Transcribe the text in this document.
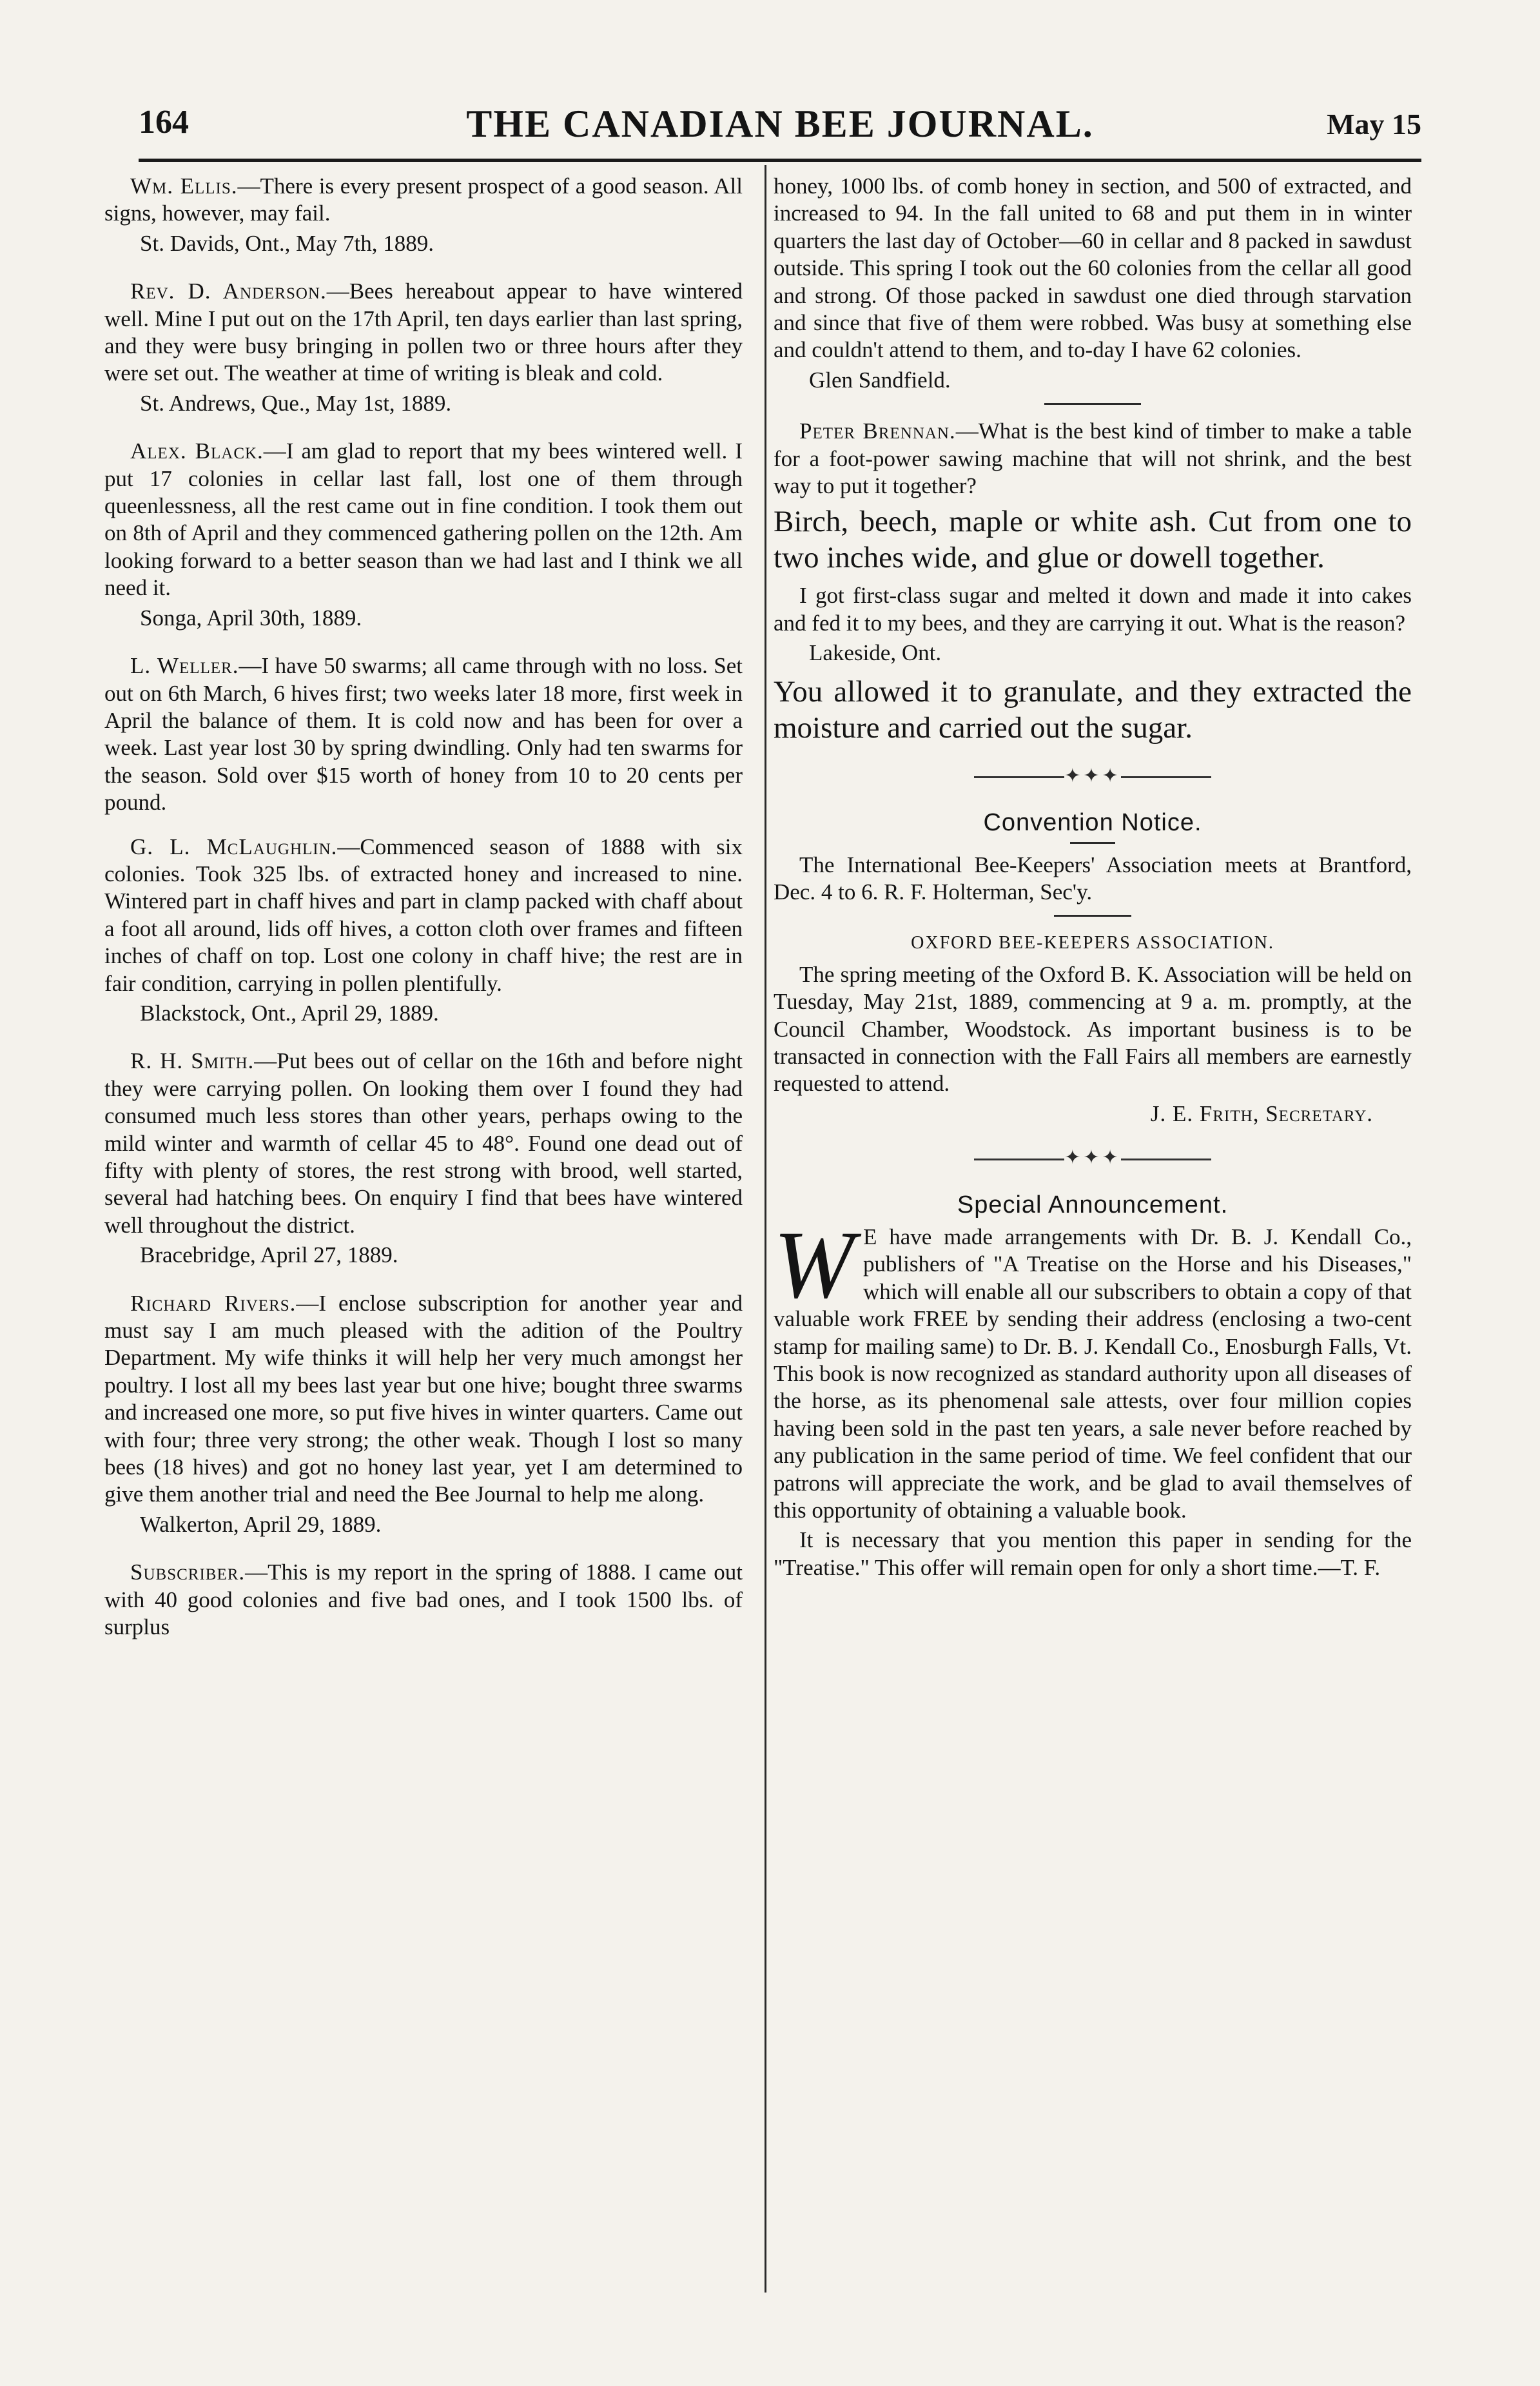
164	THE CANADIAN BEE JOURNAL.	May 15

Wm. Ellis.—There is every present prospect of a good season. All signs, however, may fail.

St. Davids, Ont., May 7th, 1889.

Rev. D. Anderson.—Bees hereabout appear to have wintered well. Mine I put out on the 17th April, ten days earlier than last spring, and they were busy bringing in pollen two or three hours after they were set out. The weather at time of writing is bleak and cold.

St. Andrews, Que., May 1st, 1889.

Alex. Black.—I am glad to report that my bees wintered well. I put 17 colonies in cellar last fall, lost one of them through queenlessness, all the rest came out in fine condition. I took them out on 8th of April and they commenced gathering pollen on the 12th. Am looking forward to a better season than we had last and I think we all need it.

Songa, April 30th, 1889.

L. Weller.—I have 50 swarms; all came through with no loss. Set out on 6th March, 6 hives first; two weeks later 18 more, first week in April the balance of them. It is cold now and has been for over a week. Last year lost 30 by spring dwindling. Only had ten swarms for the season. Sold over $15 worth of honey from 10 to 20 cents per pound.

G. L. McLaughlin.—Commenced season of 1888 with six colonies. Took 325 lbs. of extracted honey and increased to nine. Wintered part in chaff hives and part in clamp packed with chaff about a foot all around, lids off hives, a cotton cloth over frames and fifteen inches of chaff on top. Lost one colony in chaff hive; the rest are in fair condition, carrying in pollen plentifully.

Blackstock, Ont., April 29, 1889.

R. H. Smith.—Put bees out of cellar on the 16th and before night they were carrying pollen. On looking them over I found they had consumed much less stores than other years, perhaps owing to the mild winter and warmth of cellar 45 to 48°. Found one dead out of fifty with plenty of stores, the rest strong with brood, well started, several had hatching bees. On enquiry I find that bees have wintered well throughout the district.

Bracebridge, April 27, 1889.

Richard Rivers.—I enclose subscription for another year and must say I am much pleased with the adition of the Poultry Department. My wife thinks it will help her very much amongst her poultry. I lost all my bees last year but one hive; bought three swarms and increased one more, so put five hives in winter quarters. Came out with four; three very strong; the other weak. Though I lost so many bees (18 hives) and got no honey last year, yet I am determined to give them another trial and need the Bee Journal to help me along.

Walkerton, April 29, 1889.

Subscriber.—This is my report in the spring of 1888. I came out with 40 good colonies and five bad ones, and I took 1500 lbs. of surplus

honey, 1000 lbs. of comb honey in section, and 500 of extracted, and increased to 94. In the fall united to 68 and put them in in winter quarters the last day of October—60 in cellar and 8 packed in sawdust outside. This spring I took out the 60 colonies from the cellar all good and strong. Of those packed in sawdust one died through starvation and since that five of them were robbed. Was busy at something else and couldn't attend to them, and to-day I have 62 colonies.

Glen Sandfield.

Peter Brennan.—What is the best kind of timber to make a table for a foot-power sawing machine that will not shrink, and the best way to put it together?

Birch, beech, maple or white ash. Cut from one to two inches wide, and glue or dowell together.

I got first-class sugar and melted it down and made it into cakes and fed it to my bees, and they are carrying it out. What is the reason?

Lakeside, Ont.

You allowed it to granulate, and they extracted the moisture and carried out the sugar.

✦✦✦

Convention Notice.

The International Bee-Keepers' Association meets at Brantford, Dec. 4 to 6. R. F. Holterman, Sec'y.

OXFORD BEE-KEEPERS ASSOCIATION.

The spring meeting of the Oxford B. K. Association will be held on Tuesday, May 21st, 1889, commencing at 9 a. m. promptly, at the Council Chamber, Woodstock. As important business is to be transacted in connection with the Fall Fairs all members are earnestly requested to attend.

J. E. Frith, Secretary.

✦✦✦

Special Announcement.

W E have made arrangements with Dr. B. J. Kendall Co., publishers of "A Treatise on the Horse and his Diseases," which will enable all our subscribers to obtain a copy of that valuable work FREE by sending their address (enclosing a two-cent stamp for mailing same) to Dr. B. J. Kendall Co., Enosburgh Falls, Vt. This book is now recognized as standard authority upon all diseases of the horse, as its phenomenal sale attests, over four million copies having been sold in the past ten years, a sale never before reached by any publication in the same period of time. We feel confident that our patrons will appreciate the work, and be glad to avail themselves of this opportunity of obtaining a valuable book.

It is necessary that you mention this paper in sending for the "Treatise." This offer will remain open for only a short time.—T. F.
